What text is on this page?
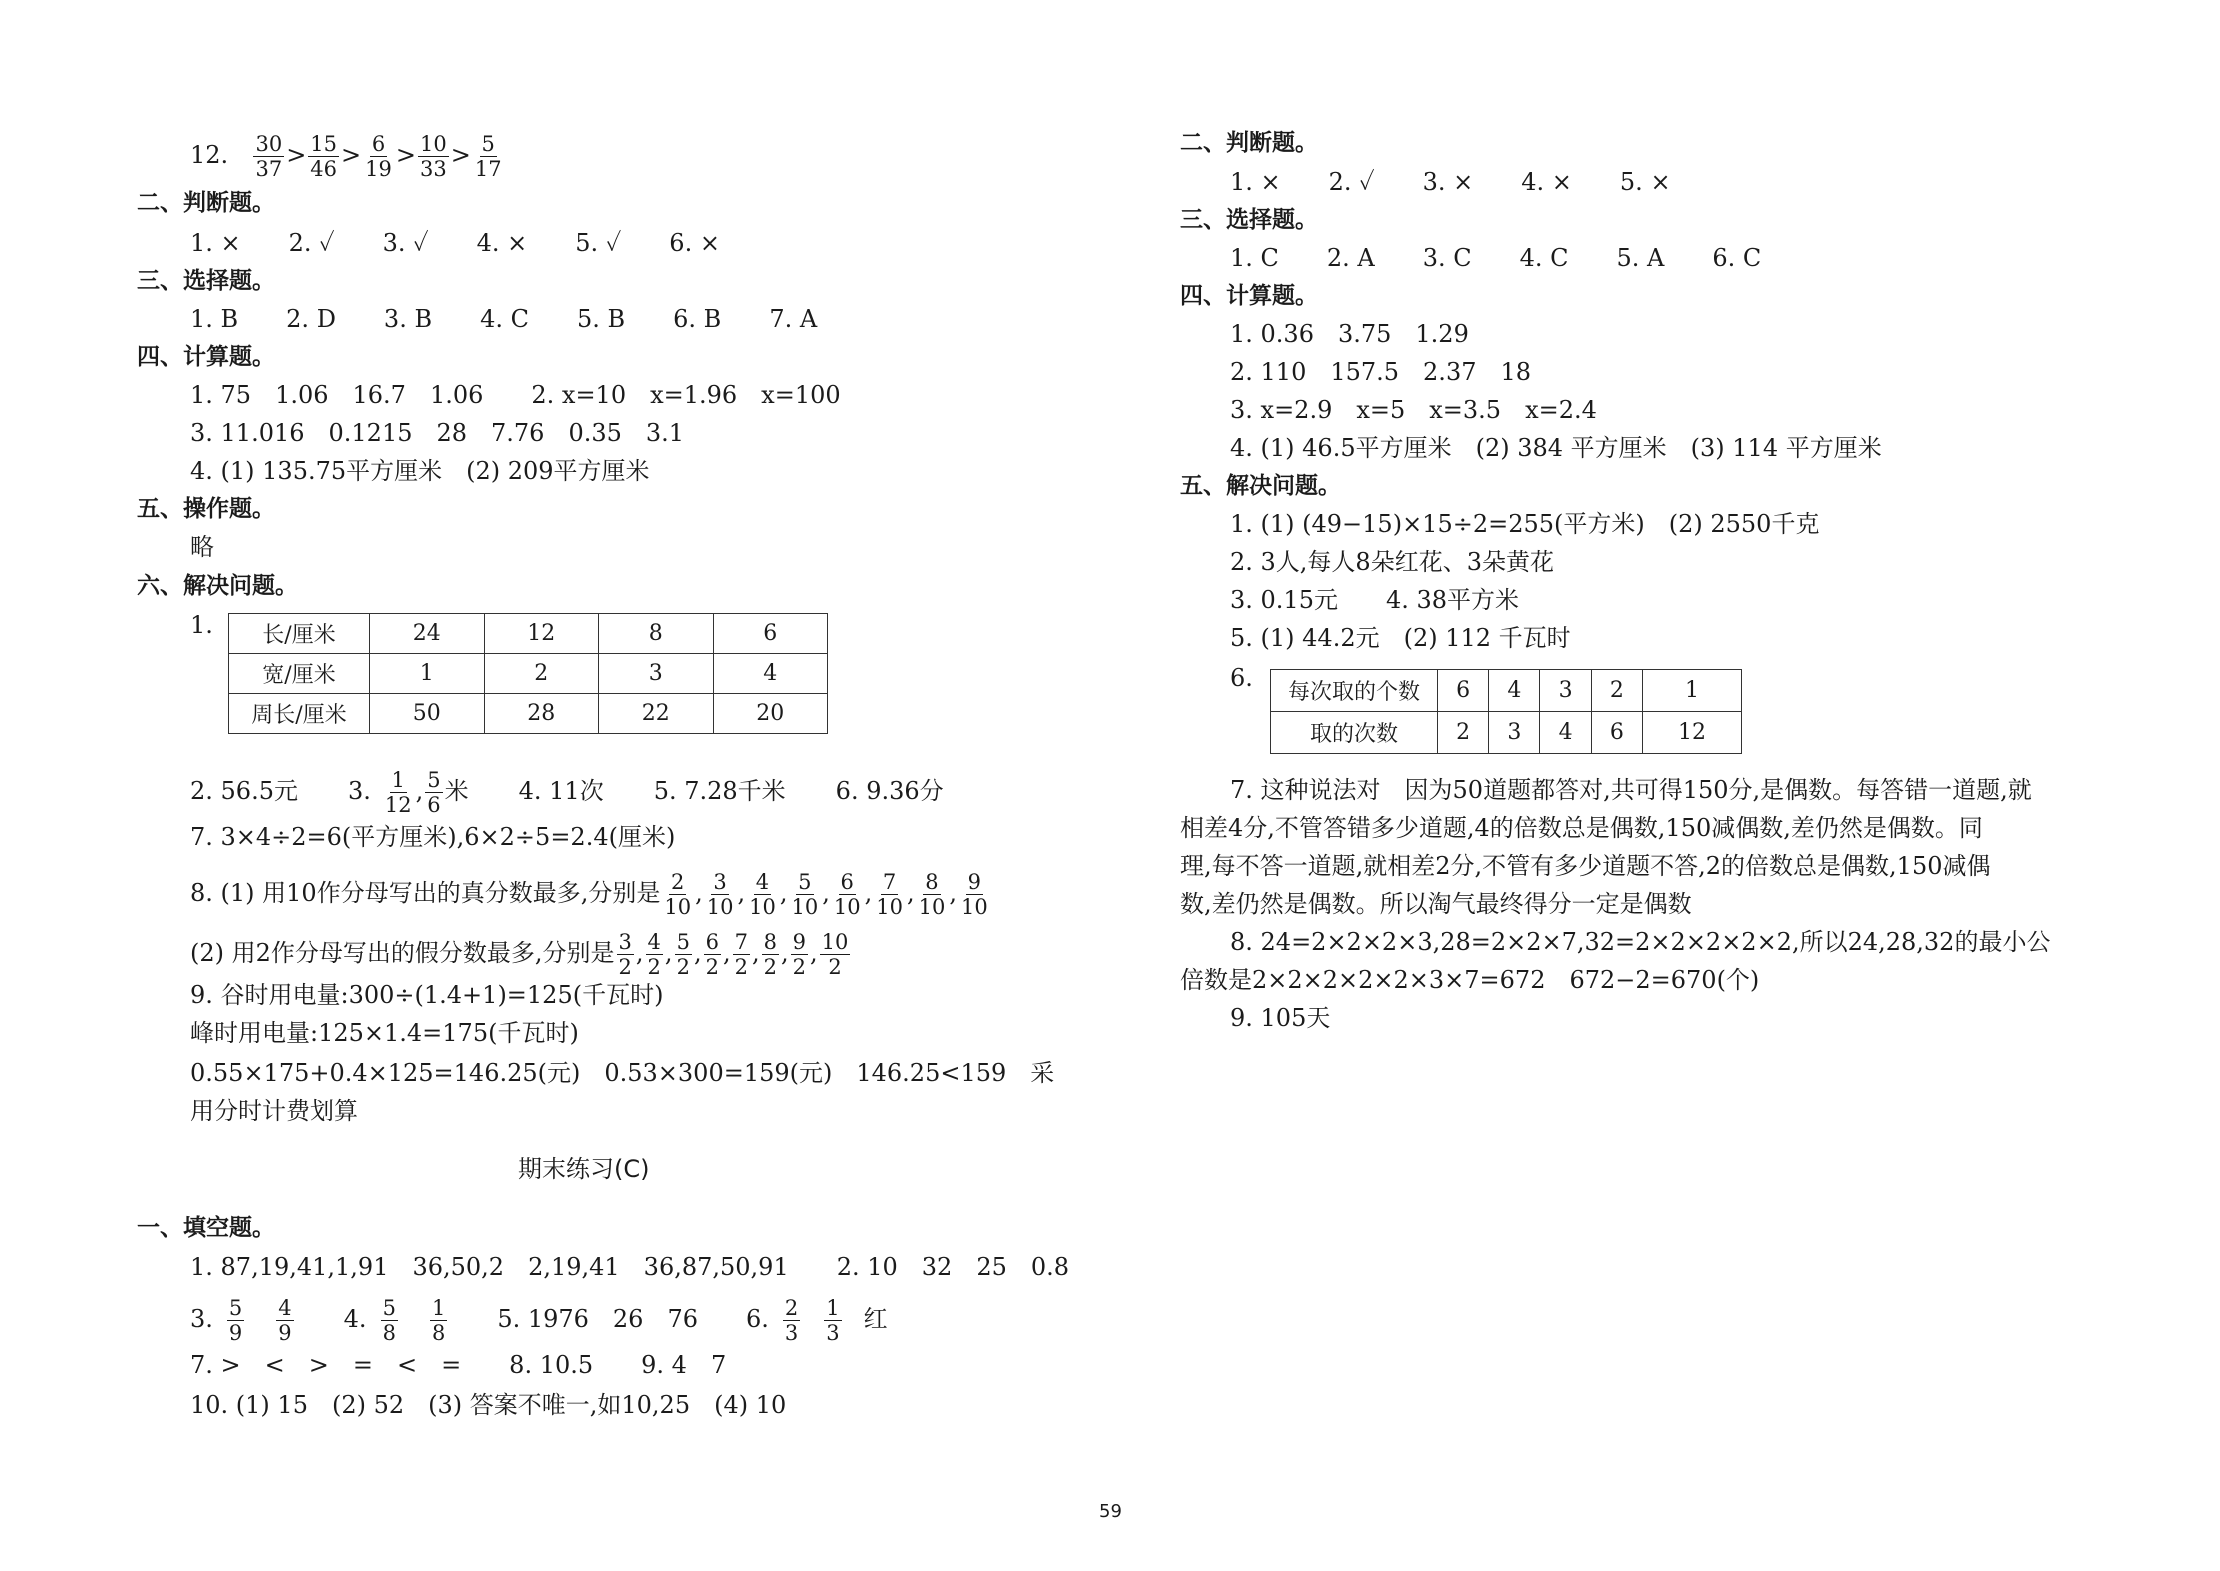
12. $\frac{30}{37} > \frac{15}{46} > \frac{6}{19} > \frac{10}{33} > \frac{5}{17}$
二、判断题。
1. ×　　2. ✓　　3. ✓　　4. ×　　5. ✓　　6. ×
三、选择题。
1. B　　2. D　　3. B　　4. C　　5. B　　6. B　　7. A
四、计算题。
1. 75　1.06　16.7　1.06　　2. x=10　x=1.96　x=100
3. 11.016　0.1215　28　7.76　0.35　3.1
4. (1) 135.75平方厘米　(2) 209平方厘米
五、操作题。
略
六、解决问题。
1. 长/厘米	24	12	8	6
宽/厘米	1	2	3	4
周长/厘米	50	28	22	20
2. 56.5元 3. $\frac{1}{12}$ , $\frac{5}{6}$ 米 4. 11次 5. 7.28千米 6. 9.36分
7. 3×4÷2=6(平方厘米),6×2÷5=2.4(厘米)
8. (1) 用10作分母写出的真分数最多,分别是 $\frac{2}{10}$ , $\frac{3}{10}$ , $\frac{4}{10}$ , $\frac{5}{10}$ , $\frac{6}{10}$ , $\frac{7}{10}$ , $\frac{8}{10}$ , $\frac{9}{10}$
(2) 用2作分母写出的假分数最多,分别是 $\frac{3}{2}$ , $\frac{4}{2}$ , $\frac{5}{2}$ , $\frac{6}{2}$ , $\frac{7}{2}$ , $\frac{8}{2}$ , $\frac{9}{2}$ , $\frac{10}{2}$
9. 谷时用电量:300÷(1.4+1)=125(千瓦时)
峰时用电量:125×1.4=175(千瓦时)
0.55×175+0.4×125=146.25(元)　0.53×300=159(元)　146.25<159　采
用分时计费划算
期末练习(C)
一、填空题。
1. 87,19,41,1,91　36,50,2　2,19,41　36,87,50,91　　2. 10　32　25　0.8
3. $\frac{5}{9} \frac{4}{9} 4$. $\frac{5}{8} \frac{1}{8} 5$. 1976　26　76 6. $\frac{2}{3} \frac{1}{3}$ 红
7. >　<　>　=　<　=　　8. 10.5　　9. 4　7
10. (1) 15　(2) 52　(3) 答案不唯一,如10,25　(4) 10
二、判断题。
1. ×　　2. ✓　　3. ×　　4. ×　　5. ×
三、选择题。
1. C　　2. A　　3. C　　4. C　　5. A　　6. C
四、计算题。
1. 0.36　3.75　1.29
2. 110　157.5　2.37　18
3. x=2.9　x=5　x=3.5　x=2.4
4. (1) 46.5平方厘米　(2) 384 平方厘米　(3) 114 平方厘米
五、解决问题。
1. (1) (49−15)×15÷2=255(平方米)　(2) 2550千克
2. 3人,每人8朵红花、3朵黄花
3. 0.15元　　4. 38平方米
5. (1) 44.2元　(2) 112 千瓦时
6.
每次取的个数	6	4	3	2	1
取的次数	2	3	4	6	12
7. 这种说法对　因为50道题都答对,共可得150分,是偶数。每答错一道题,就
相差4分,不管答错多少道题,4的倍数总是偶数,150减偶数,差仍然是偶数。同
理,每不答一道题,就相差2分,不管有多少道题不答,2的倍数总是偶数,150减偶
数,差仍然是偶数。所以淘气最终得分一定是偶数
8. 24=2×2×2×3,28=2×2×7,32=2×2×2×2×2,所以24,28,32的最小公
倍数是2×2×2×2×2×3×7=672　672−2=670(个)
9. 105天
59
